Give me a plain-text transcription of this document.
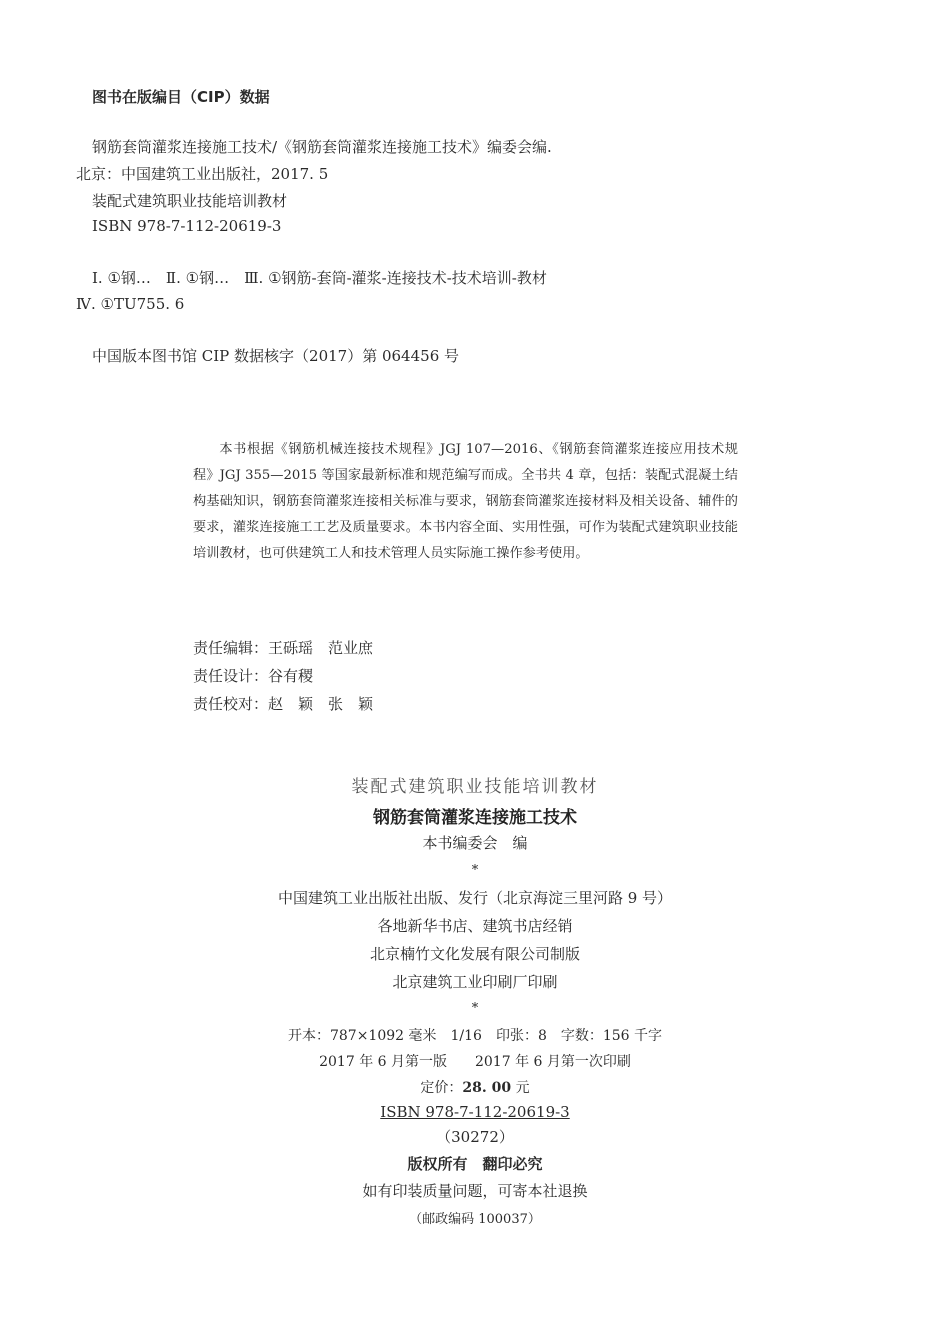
图书在版编目（CIP）数据
钢筋套筒灌浆连接施工技术/《钢筋套筒灌浆连接施工技术》编委会编.
北京：中国建筑工业出版社，2017. 5
装配式建筑职业技能培训教材
ISBN 978-7-112-20619-3
Ⅰ. ①钢…　Ⅱ. ①钢…　Ⅲ. ①钢筋-套筒-灌浆-连接技术-技术培训-教材
Ⅳ. ①TU755. 6
中国版本图书馆 CIP 数据核字（2017）第 064456 号

本书根据《钢筋机械连接技术规程》JGJ 107—2016、《钢筋套筒灌浆连接应用技术规程》JGJ 355—2015 等国家最新标准和规范编写而成。全书共 4 章，包括：装配式混凝土结构基础知识，钢筋套筒灌浆连接相关标准与要求，钢筋套筒灌浆连接材料及相关设备、辅件的要求，灌浆连接施工工艺及质量要求。本书内容全面、实用性强，可作为装配式建筑职业技能培训教材，也可供建筑工人和技术管理人员实际施工操作参考使用。

责任编辑：王砾瑶　范业庶
责任设计：谷有稷
责任校对：赵　颖　张　颖
装配式建筑职业技能培训教材
钢筋套筒灌浆连接施工技术
本书编委会　编
*
中国建筑工业出版社出版、发行（北京海淀三里河路 9 号）
各地新华书店、建筑书店经销
北京楠竹文化发展有限公司制版
北京建筑工业印刷厂印刷
*
开本：787×1092 毫米　1/16　印张：8　字数：156 千字
2017 年 6 月第一版　　2017 年 6 月第一次印刷
定价：28. 00 元
ISBN 978-7-112-20619-3
（30272）
版权所有　翻印必究
如有印装质量问题，可寄本社退换
（邮政编码 100037）
